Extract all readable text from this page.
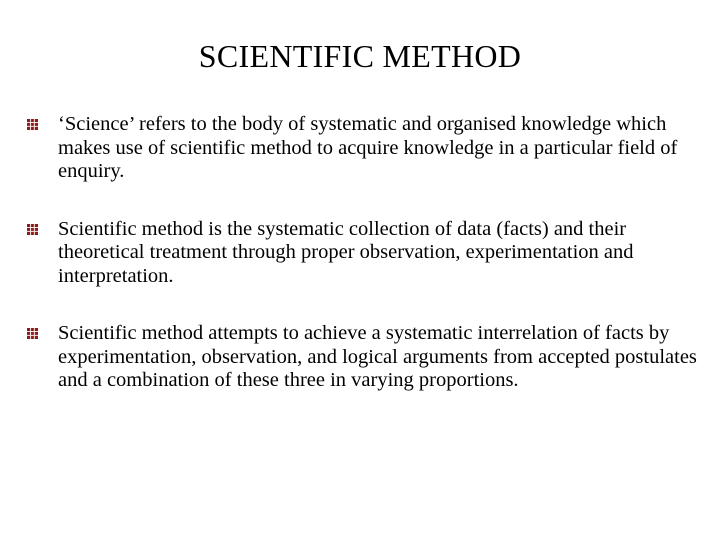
SCIENTIFIC METHOD
‘Science’ refers to the body of systematic and organised knowledge which makes use of scientific method to acquire knowledge in a particular field of enquiry.
Scientific method is the systematic collection of data (facts) and their theoretical treatment through proper observation, experimentation and interpretation.
Scientific method attempts to achieve a systematic interrelation of facts by experimentation, observation, and logical arguments from accepted postulates and a combination of these three in varying proportions.
